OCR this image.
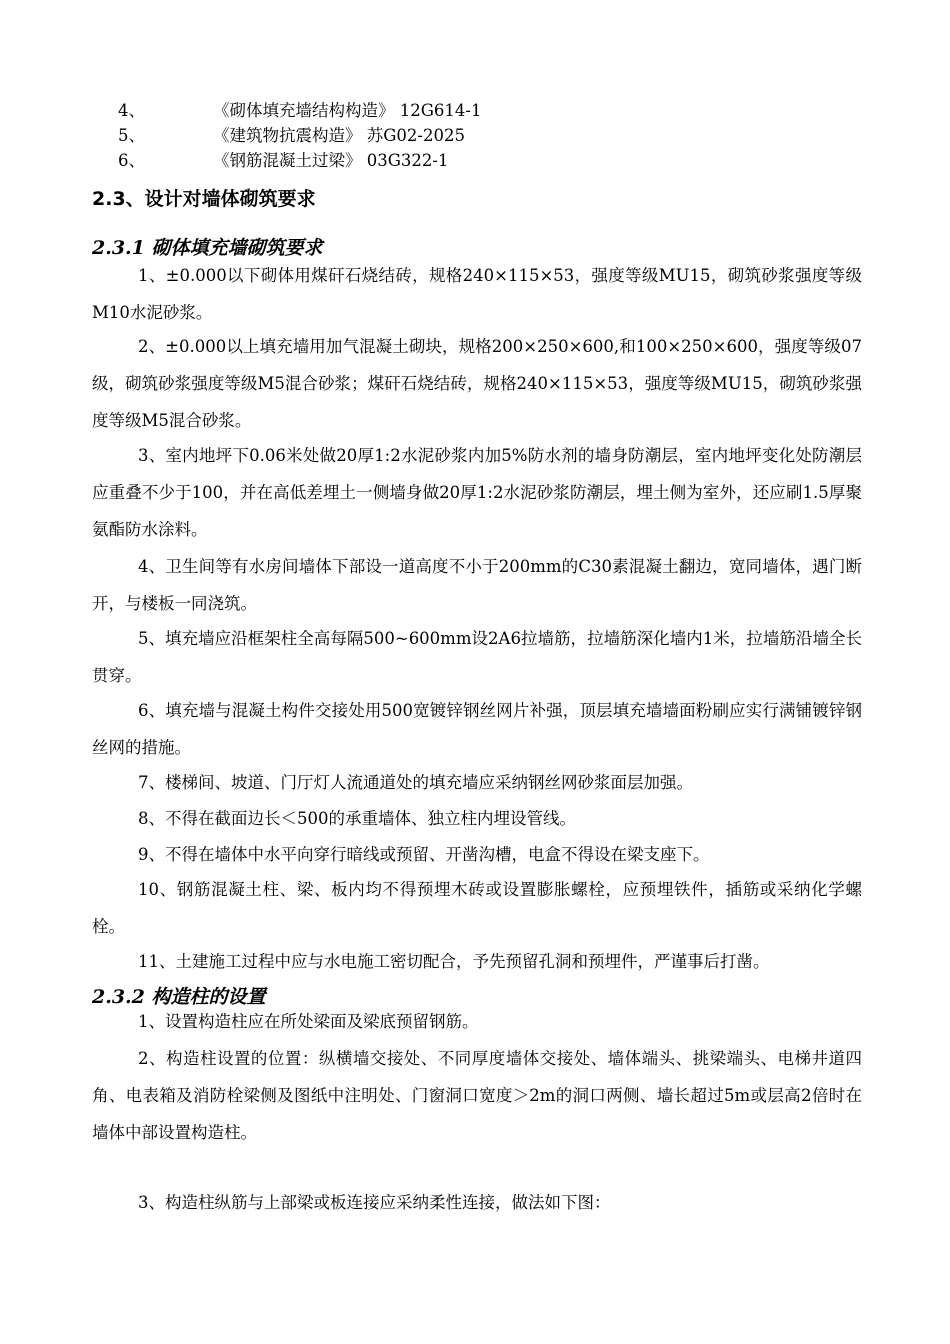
4、	《砌体填充墙结构构造》 12G614-1
5、	《建筑物抗震构造》 苏G02-2025
6、	《钢筋混凝土过梁》 03G322-1
2.3、设计对墙体砌筑要求
2.3.1 砌体填充墙砌筑要求
1、±0.000以下砌体用煤矸石烧结砖，规格240×115×53，强度等级MU15，砌筑砂浆强度等级M10水泥砂浆。
2、±0.000以上填充墙用加气混凝土砌块，规格200×250×600,和100×250×600，强度等级07级，砌筑砂浆强度等级M5混合砂浆；煤矸石烧结砖，规格240×115×53，强度等级MU15，砌筑砂浆强度等级M5混合砂浆。
3、室内地坪下0.06米处做20厚1:2水泥砂浆内加5%防水剂的墙身防潮层，室内地坪变化处防潮层应重叠不少于100，并在高低差埋土一侧墙身做20厚1:2水泥砂浆防潮层，埋土侧为室外，还应刷1.5厚聚氨酯防水涂料。
4、卫生间等有水房间墙体下部设一道高度不小于200mm的C30素混凝土翻边，宽同墙体，遇门断开，与楼板一同浇筑。
5、填充墙应沿框架柱全高每隔500~600mm设2A6拉墙筋，拉墙筋深化墙内1米，拉墙筋沿墙全长贯穿。
6、填充墙与混凝土构件交接处用500宽镀锌钢丝网片补强，顶层填充墙墙面粉刷应实行满铺镀锌钢丝网的措施。
7、楼梯间、坡道、门厅灯人流通道处的填充墙应采纳钢丝网砂浆面层加强。
8、不得在截面边长＜500的承重墙体、独立柱内埋设管线。
9、不得在墙体中水平向穿行暗线或预留、开凿沟槽，电盒不得设在梁支座下。
10、钢筋混凝土柱、梁、板内均不得预埋木砖或设置膨胀螺栓，应预埋铁件，插筋或采纳化学螺栓。
11、土建施工过程中应与水电施工密切配合，予先预留孔洞和预埋件，严谨事后打凿。
2.3.2 构造柱的设置
1、设置构造柱应在所处梁面及梁底预留钢筋。
2、构造柱设置的位置：纵横墙交接处、不同厚度墙体交接处、墙体端头、挑梁端头、电梯井道四角、电表箱及消防栓梁侧及图纸中注明处、门窗洞口宽度＞2m的洞口两侧、墙长超过5m或层高2倍时在墙体中部设置构造柱。
3、构造柱纵筋与上部梁或板连接应采纳柔性连接，做法如下图：
